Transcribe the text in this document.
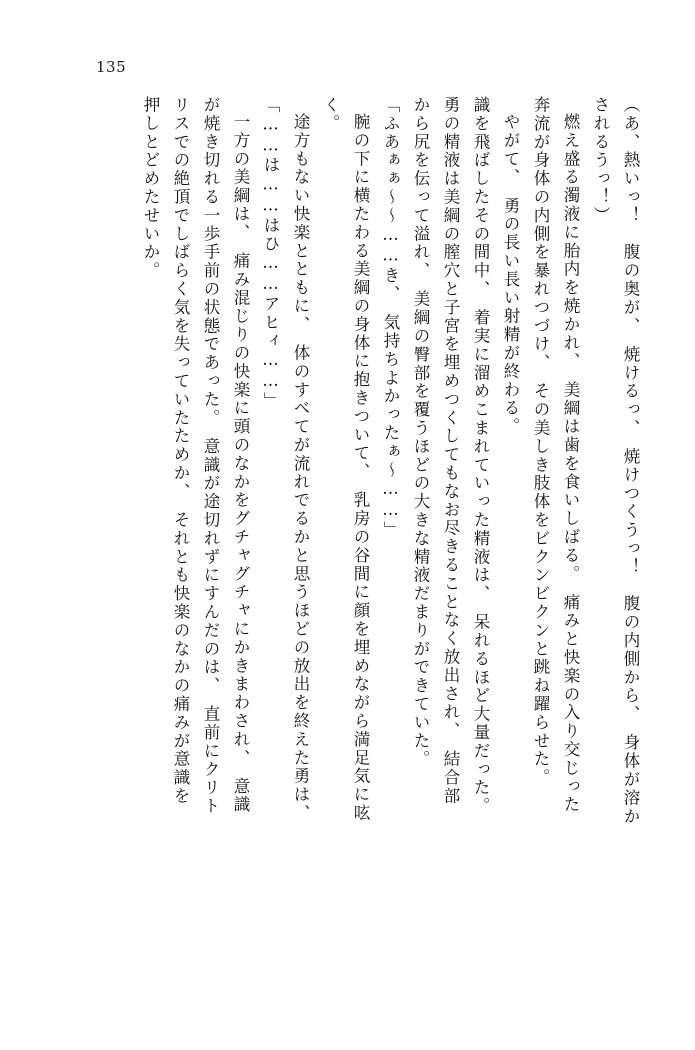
135
（あ、熱いっ！　腹の奥が、　焼けるっ、　焼けつくうっ！　腹の内側から、　身体が溶か
されるうっ！）
燃え盛る濁液に胎内を焼かれ、　美綱は歯を食いしばる。　痛みと快楽の入り交じった
奔流が身体の内側を暴れつづけ、　その美しき肢体をビクンビクンと跳ね躍らせた。
やがて、　勇の長い長い射精が終わる。
識を飛ばしたその間中、　着実に溜めこまれていった精液は、　呆れるほど大量だった。
勇の精液は美綱の膣穴と子宮を埋めつくしてもなお尽きることなく放出され、　結合部
から尻を伝って溢れ、　美綱の臀部を覆うほどの大きな精液だまりができていた。
「ふあぁぁ〜〜……き、　気持ちよかったぁ〜……」
腕の下に横たわる美綱の身体に抱きついて、　乳房の谷間に顔を埋めながら満足気に呟
く。
途方もない快楽とともに、　体のすべてが流れでるかと思うほどの放出を終えた勇は、
「……は……はひ……アヒィ……」
一方の美綱は、　痛み混じりの快楽に頭のなかをグチャグチャにかきまわされ、　意識
が焼き切れる一歩手前の状態であった。　意識が途切れずにすんだのは、　直前にクリト
リスでの絶頂でしばらく気を失っていたためか、　それとも快楽のなかの痛みが意識を
押しとどめたせいか。
